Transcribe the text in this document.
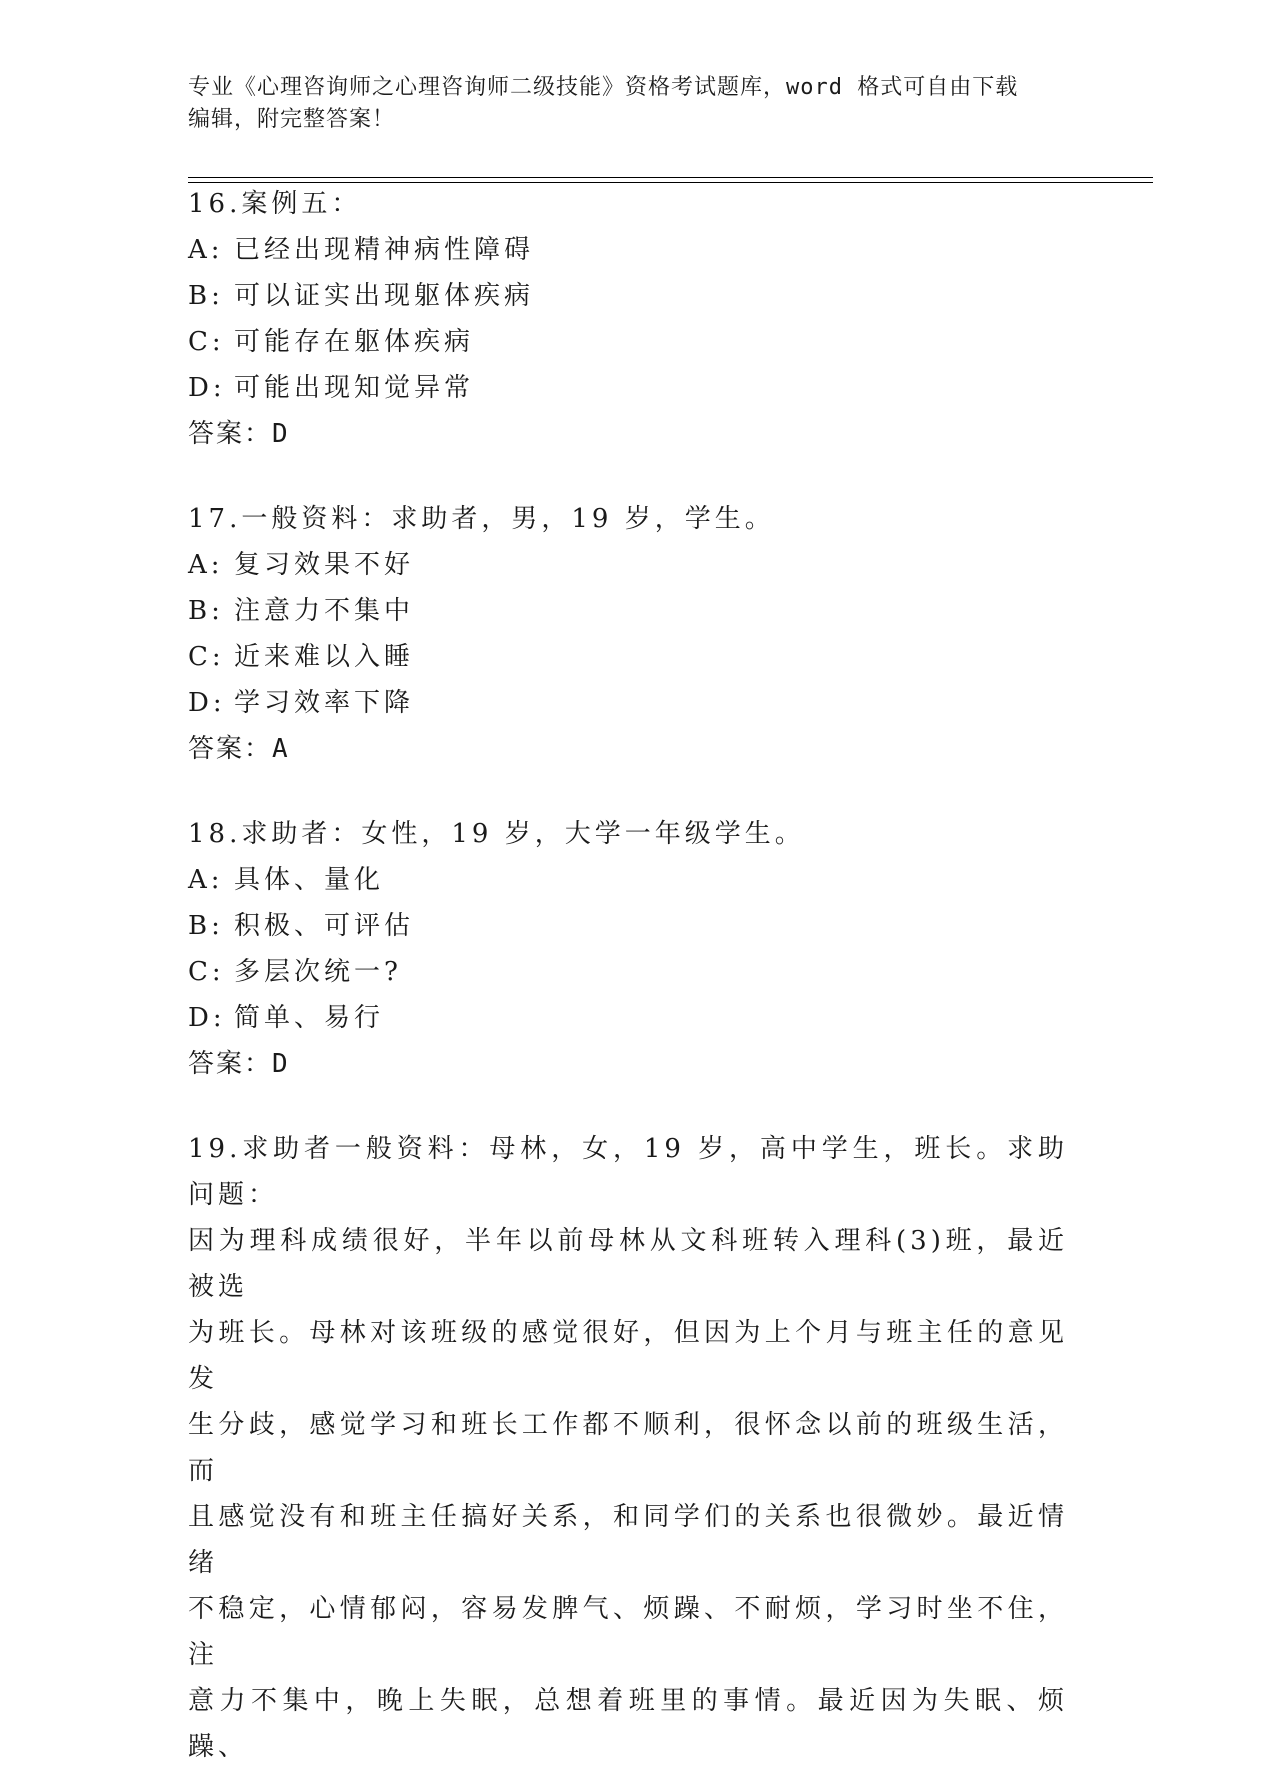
专业《心理咨询师之心理咨询师二级技能》资格考试题库，word 格式可自由下载
编辑，附完整答案！
16.案例五：
A: 已经出现精神病性障碍
B: 可以证实出现躯体疾病
C: 可能存在躯体疾病
D: 可能出现知觉异常
答案：D
17.一般资料：求助者，男，19 岁，学生。
A: 复习效果不好
B: 注意力不集中
C: 近来难以入睡
D: 学习效率下降
答案：A
18.求助者：女性，19 岁，大学一年级学生。
A: 具体、量化
B: 积极、可评估
C: 多层次统一?
D: 简单、易行
答案：D
19.求助者一般资料：母林，女，19 岁，高中学生，班长。求助问题：
因为理科成绩很好，半年以前母林从文科班转入理科(3)班，最近被选
为班长。母林对该班级的感觉很好，但因为上个月与班主任的意见发
生分歧，感觉学习和班长工作都不顺利，很怀念以前的班级生活，而
且感觉没有和班主任搞好关系，和同学们的关系也很微妙。最近情绪
不稳定，心情郁闷，容易发脾气、烦躁、不耐烦，学习时坐不住，注
意力不集中，晚上失眠，总想着班里的事情。最近因为失眠、烦躁、
